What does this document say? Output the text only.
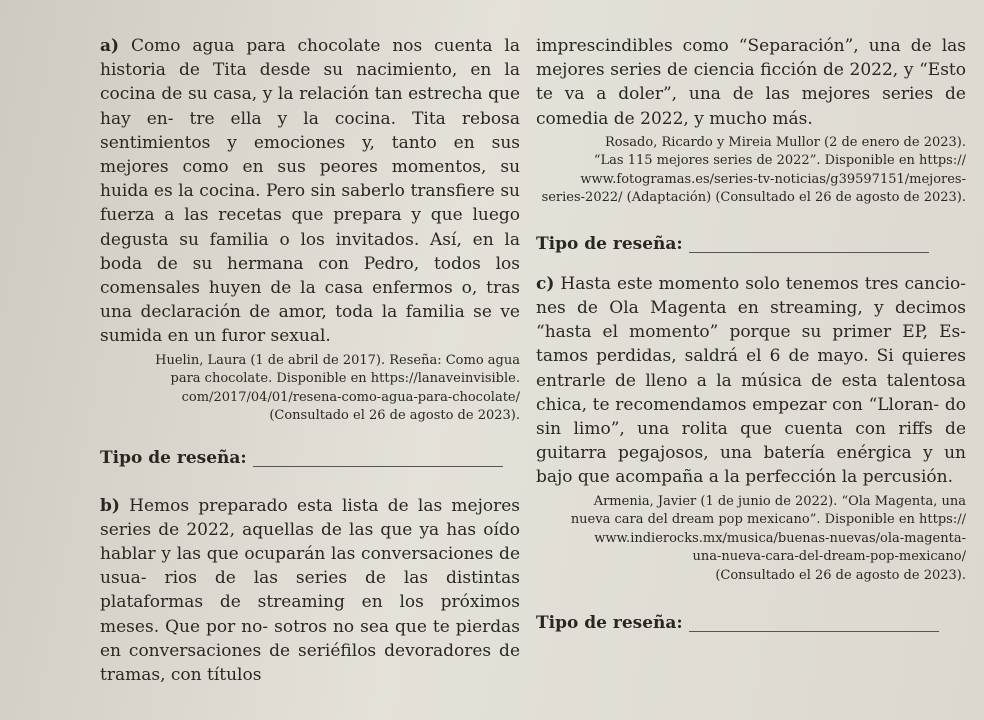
a) Como agua para chocolate nos cuenta la historia de Tita desde su nacimiento, en la cocina de su casa, y la relación tan estrecha que hay en- tre ella y la cocina. Tita rebosa sentimientos y emociones y, tanto en sus mejores como en sus peores momentos, su huida es la cocina. Pero sin saberlo transfiere su fuerza a las recetas que prepara y que luego degusta su familia o los invitados. Así, en la boda de su hermana con Pedro, todos los comensales huyen de la casa enfermos o, tras una declaración de amor, toda la familia se ve sumida en un furor sexual.

Huelin, Laura (1 de abril de 2017). Reseña: Como agua
para chocolate. Disponible en https://lanaveinvisible.
com/2017/04/01/resena-como-agua-para-chocolate/
(Consultado el 26 de agosto de 2023).
Tipo de reseña:

b) Hemos preparado esta lista de las mejores series de 2022, aquellas de las que ya has oído hablar y las que ocuparán las conversaciones de usua- rios de las series de las distintas plataformas de streaming en los próximos meses. Que por no- sotros no sea que te pierdas en conversaciones de seriéfilos devoradores de tramas, con títulos

imprescindibles como “Separación”, una de las mejores series de ciencia ficción de 2022, y “Esto te va a doler”, una de las mejores series de comedia de 2022, y mucho más.

Rosado, Ricardo y Mireia Mullor (2 de enero de 2023).
“Las 115 mejores series de 2022”. Disponible en https://
www.fotogramas.es/series-tv-noticias/g39597151/mejores-
series-2022/ (Adaptación) (Consultado el 26 de agosto de 2023).
Tipo de reseña:

c) Hasta este momento solo tenemos tres cancio- nes de Ola Magenta en streaming, y decimos “hasta el momento” porque su primer EP, Es- tamos perdidas, saldrá el 6 de mayo. Si quieres entrarle de lleno a la música de esta talentosa chica, te recomendamos empezar con “Lloran- do sin limo”, una rolita que cuenta con riffs de guitarra pegajosos, una batería enérgica y un bajo que acompaña a la perfección la percusión.

Armenia, Javier (1 de junio de 2022). “Ola Magenta, una
nueva cara del dream pop mexicano”. Disponible en https://
www.indierocks.mx/musica/buenas-nuevas/ola-magenta-
una-nueva-cara-del-dream-pop-mexicano/
(Consultado el 26 de agosto de 2023).
Tipo de reseña:
